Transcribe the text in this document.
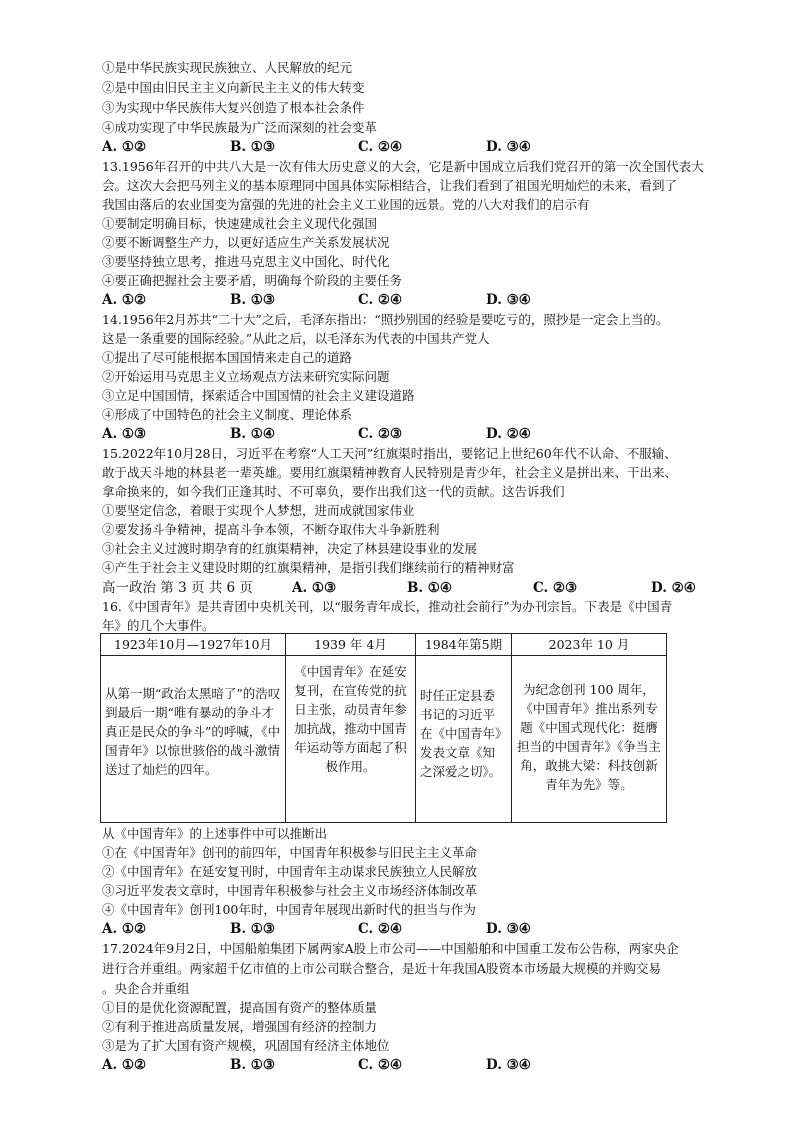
①是中华民族实现民族独立、人民解放的纪元
②是中国由旧民主主义向新民主主义的伟大转变
③为实现中华民族伟大复兴创造了根本社会条件
④成功实现了中华民族最为广泛而深刻的社会变革
A. ①②	B. ①③	C. ②④	D. ③④
13.1956年召开的中共八大是一次有伟大历史意义的大会，它是新中国成立后我们党召开的第一次全国代表大
会。这次大会把马列主义的基本原理同中国具体实际相结合，让我们看到了祖国光明灿烂的未来，看到了
我国由落后的农业国变为富强的先进的社会主义工业国的远景。党的八大对我们的启示有
①要制定明确目标，快速建成社会主义现代化强国
②要不断调整生产力，以更好适应生产关系发展状况
③要坚持独立思考，推进马克思主义中国化、时代化
④要正确把握社会主要矛盾，明确每个阶段的主要任务
A. ①②	B. ①③	C. ②④	D. ③④
14.1956年2月苏共“二十大”之后，毛泽东指出：“照抄别国的经验是要吃亏的，照抄是一定会上当的。
这是一条重要的国际经验。”从此之后，以毛泽东为代表的中国共产党人
①提出了尽可能根据本国国情来走自己的道路
②开始运用马克思主义立场观点方法来研究实际问题
③立足中国国情，探索适合中国国情的社会主义建设道路
④形成了中国特色的社会主义制度、理论体系
A. ①③	B. ①④	C. ②③	D. ②④
15.2022年10月28日，习近平在考察“人工天河”红旗渠时指出，要铭记上世纪60年代不认命、不服输、
敢于战天斗地的林县老一辈英雄。要用红旗渠精神教育人民特别是青少年，社会主义是拼出来、干出来、
拿命换来的，如今我们正逢其时、不可辜负，要作出我们这一代的贡献。这告诉我们
①要坚定信念，着眼于实现个人梦想，进而成就国家伟业
②要发扬斗争精神，提高斗争本领，不断夺取伟大斗争新胜利
③社会主义过渡时期孕育的红旗渠精神，决定了林县建设事业的发展
④产生于社会主义建设时期的红旗渠精神，是指引我们继续前行的精神财富
高一政治 第 3 页 共 6 页	A. ①③	B. ①④	C. ②③	D. ②④
16.《中国青年》是共青团中央机关刊，以“服务青年成长，推动社会前行”为办刊宗旨。下表是《中国青
年》的几个大事件。
1923年10月—1927年10月	1939 年 4月	1984年第5期	2023年 10 月

从第一期“政治太黑暗了”的浩叹到最后一期“唯有暴动的争斗才真正是民众的争斗”的呼喊，《中国青年》以惊世骇俗的战斗激情送过了灿烂的四年。	《中国青年》在延安复刊，在宣传党的抗日主张，动员青年参加抗战，推动中国青年运动等方面起了积极作用。	时任正定县委书记的习近平在《中国青年》发表文章《知之深爱之切》。	为纪念创刊 100 周年，《中国青年》推出系列专题《中国式现代化：挺膺担当的中国青年》《争当主角，敢挑大梁：科技创新青年为先》等。
从《中国青年》的上述事件中可以推断出
①在《中国青年》创刊的前四年，中国青年积极参与旧民主主义革命
②《中国青年》在延安复刊时，中国青年主动谋求民族独立人民解放
③习近平发表文章时，中国青年积极参与社会主义市场经济体制改革
④《中国青年》创刊100年时，中国青年展现出新时代的担当与作为
A. ①②	B. ①③	C. ②④	D. ③④
17.2024年9月2日，中国船舶集团下属两家A股上市公司——中国船舶和中国重工发布公告称，两家央企
进行合并重组。两家超千亿市值的上市公司联合整合，是近十年我国A股资本市场最大规模的并购交易
。央企合并重组
①目的是优化资源配置，提高国有资产的整体质量
②有利于推进高质量发展，增强国有经济的控制力
③是为了扩大国有资产规模，巩固国有经济主体地位
A. ①②	B. ①③	C. ②④	D. ③④
